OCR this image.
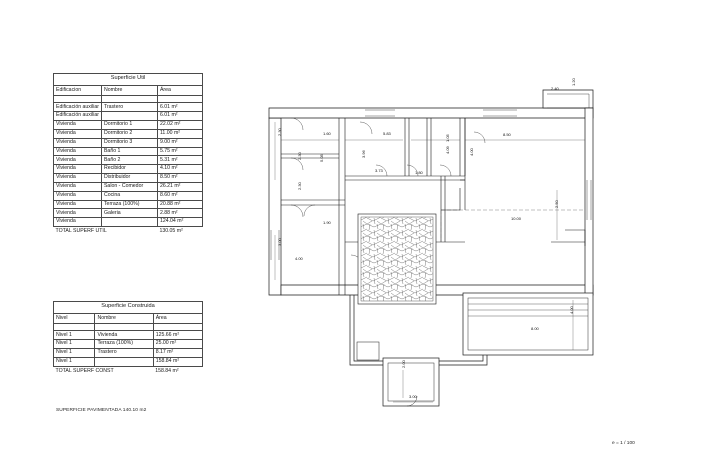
Superficie Util		
Edificacion	Nombre	Área

Edificación auxiliar	Trastero	6.01 m²
Edificación auxiliar		6.01 m²
Vivienda	Dormitorio 1	22.02 m²
Vivienda	Dormitorio 2	11.00 m²
Vivienda	Dormitorio 3	9.00 m²
Vivienda	Baño 1	5.75 m²
Vivienda	Baño 2	5.31 m²
Vivienda	Recibidor	4.10 m²
Vivienda	Distribuidor	8.50 m²
Vivienda	Salon - Comedor	26.21 m²
Vivienda	Cocina	8.60 m²
Vivienda	Terraza (100%)	20.88 m²
Vivienda	Galeria	2.88 m²
Vivienda		124.04 m²
TOTAL SUPERF UTIL		130.05 m²
Superficie Construida		
Nivel	Nombre	Área

Nivel 1	Vivienda	125.66 m²
Nivel 1	Terraza (100%)	25.00 m²
Nivel 1	Trastero	8.17 m²
Nivel 1		158.84 m²
TOTAL SUPERF CONST		158.84 m²
SUPERFICIE PAVIMENTADA 140.10 m2
e = 1 / 100
1.60	5.83
1.05
2.40
1.20
8.50
2.30
2.30	3.96
3.73	1.80
4.09	4.00
5.05
2.30
1.90
10.00
2.50
4.00
3.00
8.00
4.00
2.00
3.00
